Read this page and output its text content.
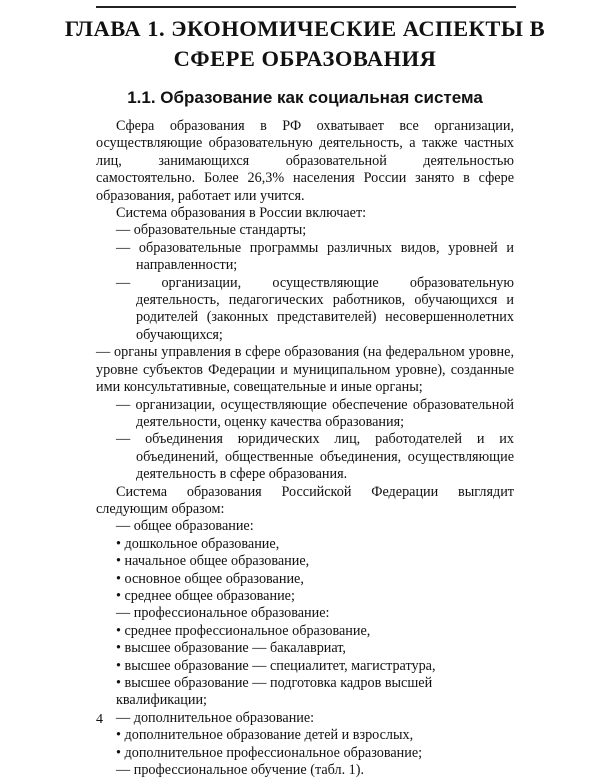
ГЛАВА 1. ЭКОНОМИЧЕСКИЕ АСПЕКТЫ В СФЕРЕ ОБРАЗОВАНИЯ
1.1. Образование как социальная система

Сфера образования в РФ охватывает все организации, осуществляющие образовательную деятельность, а также частных лиц, занимающихся образовательной деятельностью самостоятельно. Более 26,3% населения России занято в сфере образования, работает или учится.

Система образования в России включает:

— образовательные стандарты;

— образовательные программы различных видов, уровней и направленности;

— организации, осуществляющие образовательную деятельность, педагогических работников, обучающихся и родителей (законных представителей) несовершеннолетних обучающихся;

— органы управления в сфере образования (на федеральном уровне, уровне субъектов Федерации и муниципальном уровне), созданные ими консультативные, совещательные и иные органы;

— организации, осуществляющие обеспечение образовательной деятельности, оценку качества образования;

— объединения юридических лиц, работодателей и их объединений, общественные объединения, осуществляющие деятельность в сфере образования.

Система образования Российской Федерации выглядит следующим образом:

— общее образование:

• дошкольное образование,

• начальное общее образование,

• основное общее образование,

• среднее общее образование;

— профессиональное образование:

• среднее профессиональное образование,

• высшее образование — бакалавриат,

• высшее образование — специалитет, магистратура,

• высшее образование — подготовка кадров высшей квалификации;

— дополнительное образование:

• дополнительное образование детей и взрослых,

• дополнительное профессиональное образование;

— профессиональное обучение (табл. 1).

4
